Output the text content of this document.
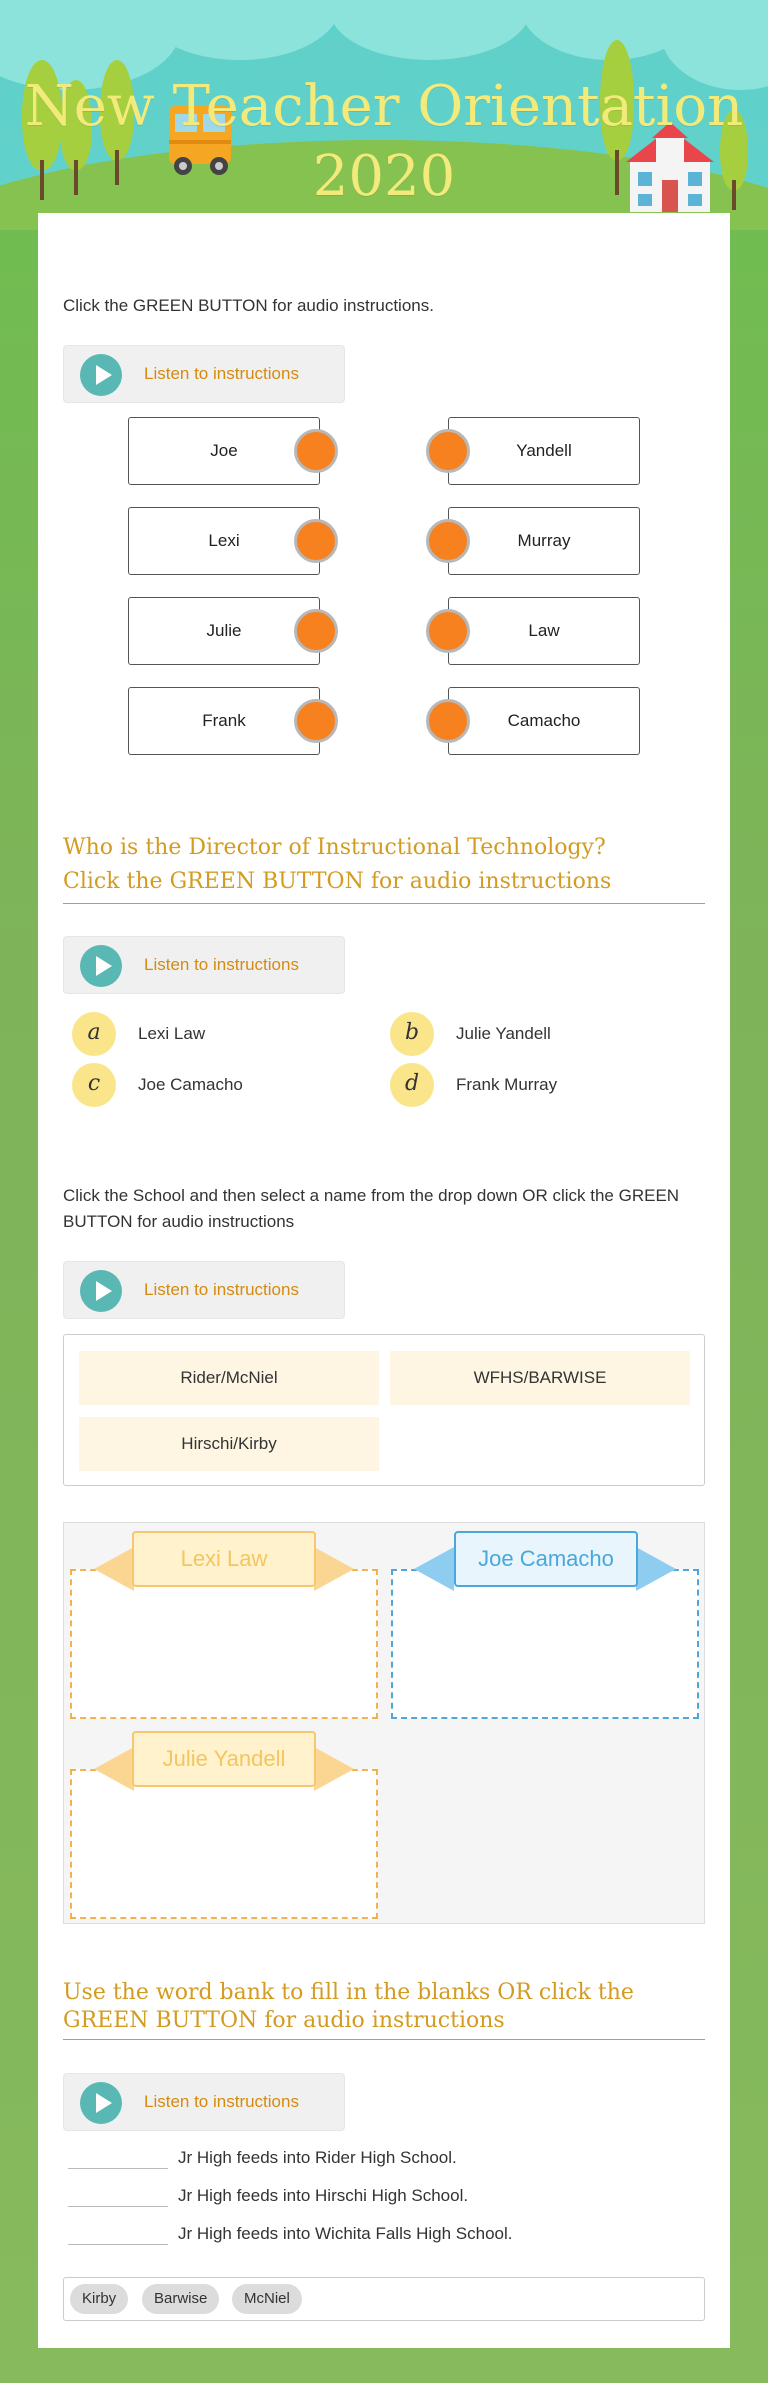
New Teacher Orientation 2020
Click the GREEN BUTTON for audio instructions.
Listen to instructions
Joe	Yandell
Lexi	Murray
Julie	Law
Frank	Camacho
Who is the Director of Instructional Technology?
Click the GREEN BUTTON for audio instructions
Listen to instructions
a	Lexi Law	b	Julie Yandell
c	Joe Camacho	d	Frank Murray
Click the School and then select a name from the drop down OR click the GREEN BUTTON for audio instructions
Listen to instructions
Rider/McNiel	WFHS/BARWISE
Hirschi/Kirby
Lexi Law	Joe Camacho
Julie Yandell
Use the word bank to fill in the blanks OR click the GREEN BUTTON for audio instructions
Listen to instructions
Jr High feeds into Rider High School.
Jr High feeds into Hirschi High School.
Jr High feeds into Wichita Falls High School.
Kirby	Barwise	McNiel
